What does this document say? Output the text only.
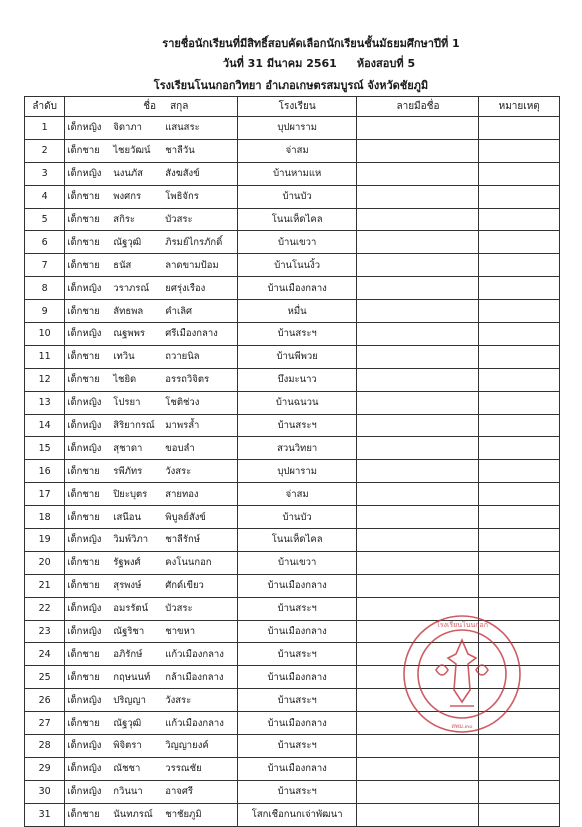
รายชื่อนักเรียนที่มีสิทธิ์สอบคัดเลือกนักเรียนชั้นมัธยมศึกษาปีที่ 1
วันที่ 31 มีนาคม 2561 ห้องสอบที่ 5
โรงเรียนโนนกอกวิทยา อำเภอเกษตรสมบูรณ์ จังหวัดชัยภูมิ
ลำดับ	ชื่อ สกุล	โรงเรียน	ลายมือชื่อ	หมายเหตุ
1	เด็กหญิง จิดาภา แสนสระ	บุปผาราม		
2	เด็กชาย ไชยวัฒน์ ชาลีวัน	จ่าสม		
3	เด็กหญิง นงนภัส สังฆสังข์	บ้านหามแห		
4	เด็กชาย พงศกร โพธิจักร	บ้านบัว		
5	เด็กชาย สกิระ บัวสระ	โนนเห็ดไคล		
6	เด็กชาย ณัฐวุฒิ ภิรมย์ไกรภักดิ์	บ้านเขวา		
7	เด็กชาย ธนัส ลาดขามป้อม	บ้านโนนงิ้ว		
8	เด็กหญิง วราภรณ์ ยศรุ่งเรือง	บ้านเมืองกลาง		
9	เด็กชาย ลัทธพล คำเลิศ	หมื่น		
10	เด็กหญิง ณฐพพร ศรีเมืองกลาง	บ้านสระฯ		
11	เด็กชาย เทวิน ถวายนิล	บ้านพีพวย		
12	เด็กชาย ไชยิด อรรถวิจิตร	บึงมะนาว		
13	เด็กหญิง โปรยา โชติช่วง	บ้านฉนวน		
14	เด็กหญิง สิริยากรณ์ มาพรล้ำ	บ้านสระฯ		
15	เด็กหญิง สุชาดา ขอบลำ	สวนวิทยา		
16	เด็กชาย รพีภัทร วังสระ	บุปผาราม		
17	เด็กชาย ปิยะบุตร สายทอง	จ่าสม		
18	เด็กชาย เสนีอน พิบูลย์สังข์	บ้านบัว		
19	เด็กหญิง วิมพ์วิภา ชาลีรักษ์	โนนเห็ดไคล		
20	เด็กชาย รัฐพงศ์ คงโนนกอก	บ้านเขวา		
21	เด็กชาย สุรพงษ์ ศักด์เขียว	บ้านเมืองกลาง		
22	เด็กหญิง อมรรัตน์ บัวสระ	บ้านสระฯ		
23	เด็กหญิง ณัฐริชา ชาขหา	บ้านเมืองกลาง		
24	เด็กชาย อภิรักษ์ แก้วเมืองกลาง	บ้านสระฯ		
25	เด็กชาย กฤษนนท์ กล้าเมืองกลาง	บ้านเมืองกลาง		
26	เด็กหญิง ปริญญา วังสระ	บ้านสระฯ		
27	เด็กชาย ณัฐวุฒิ แก้วเมืองกลาง	บ้านเมืองกลาง		
28	เด็กหญิง พิจิตรา วิญญายงค์	บ้านสระฯ		
29	เด็กหญิง ณัชชา วรรณชัย	บ้านเมืองกลาง		
30	เด็กหญิง กวินนา อาจศรี	บ้านสระฯ		
31	เด็กชาย นันทภรณ์ ชาชัยภูมิ	โสกเชือกนกเจ่าพัฒนา		
โรงเรียนโนนกอก
สพม.๓๐
